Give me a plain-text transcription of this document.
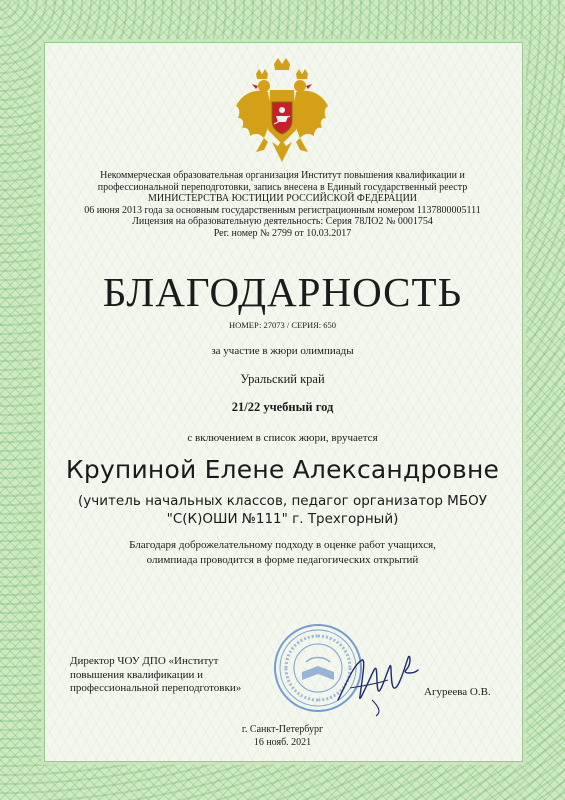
Некоммерческая образовательная организация Институт повышения квалификации и
профессиональной переподготовки, запись внесена в Единый государственный реестр
МИНИСТЕРСТВА ЮСТИЦИИ РОССИЙСКОЙ ФЕДЕРАЦИИ
06 июня 2013 года за основным государственным регистрационным номером 1137800005111
Лицензия на образовательную деятельность: Серия 78ЛО2 № 0001754
Рег. номер № 2799 от 10.03.2017
БЛАГОДАРНОСТЬ
НОМЕР: 27073 / СЕРИЯ: 650
за участие в жюри олимпиады
Уральский край
21/22 учебный год
с включением в список жюри, вручается
Крупиной Елене Александровне
(учитель начальных классов, педагог организатор МБОУ "С(К)ОШИ №111" г. Трехгорный)
Благодаря доброжелательному подходу в оценке работ учащихся,
олимпиада проводится в форме педагогических открытий
Директор ЧОУ ДПО «Институт
повышения квалификации и
профессиональной переподготовки»	Агуреева О.В.
г. Санкт-Петербург
16 нояб. 2021
